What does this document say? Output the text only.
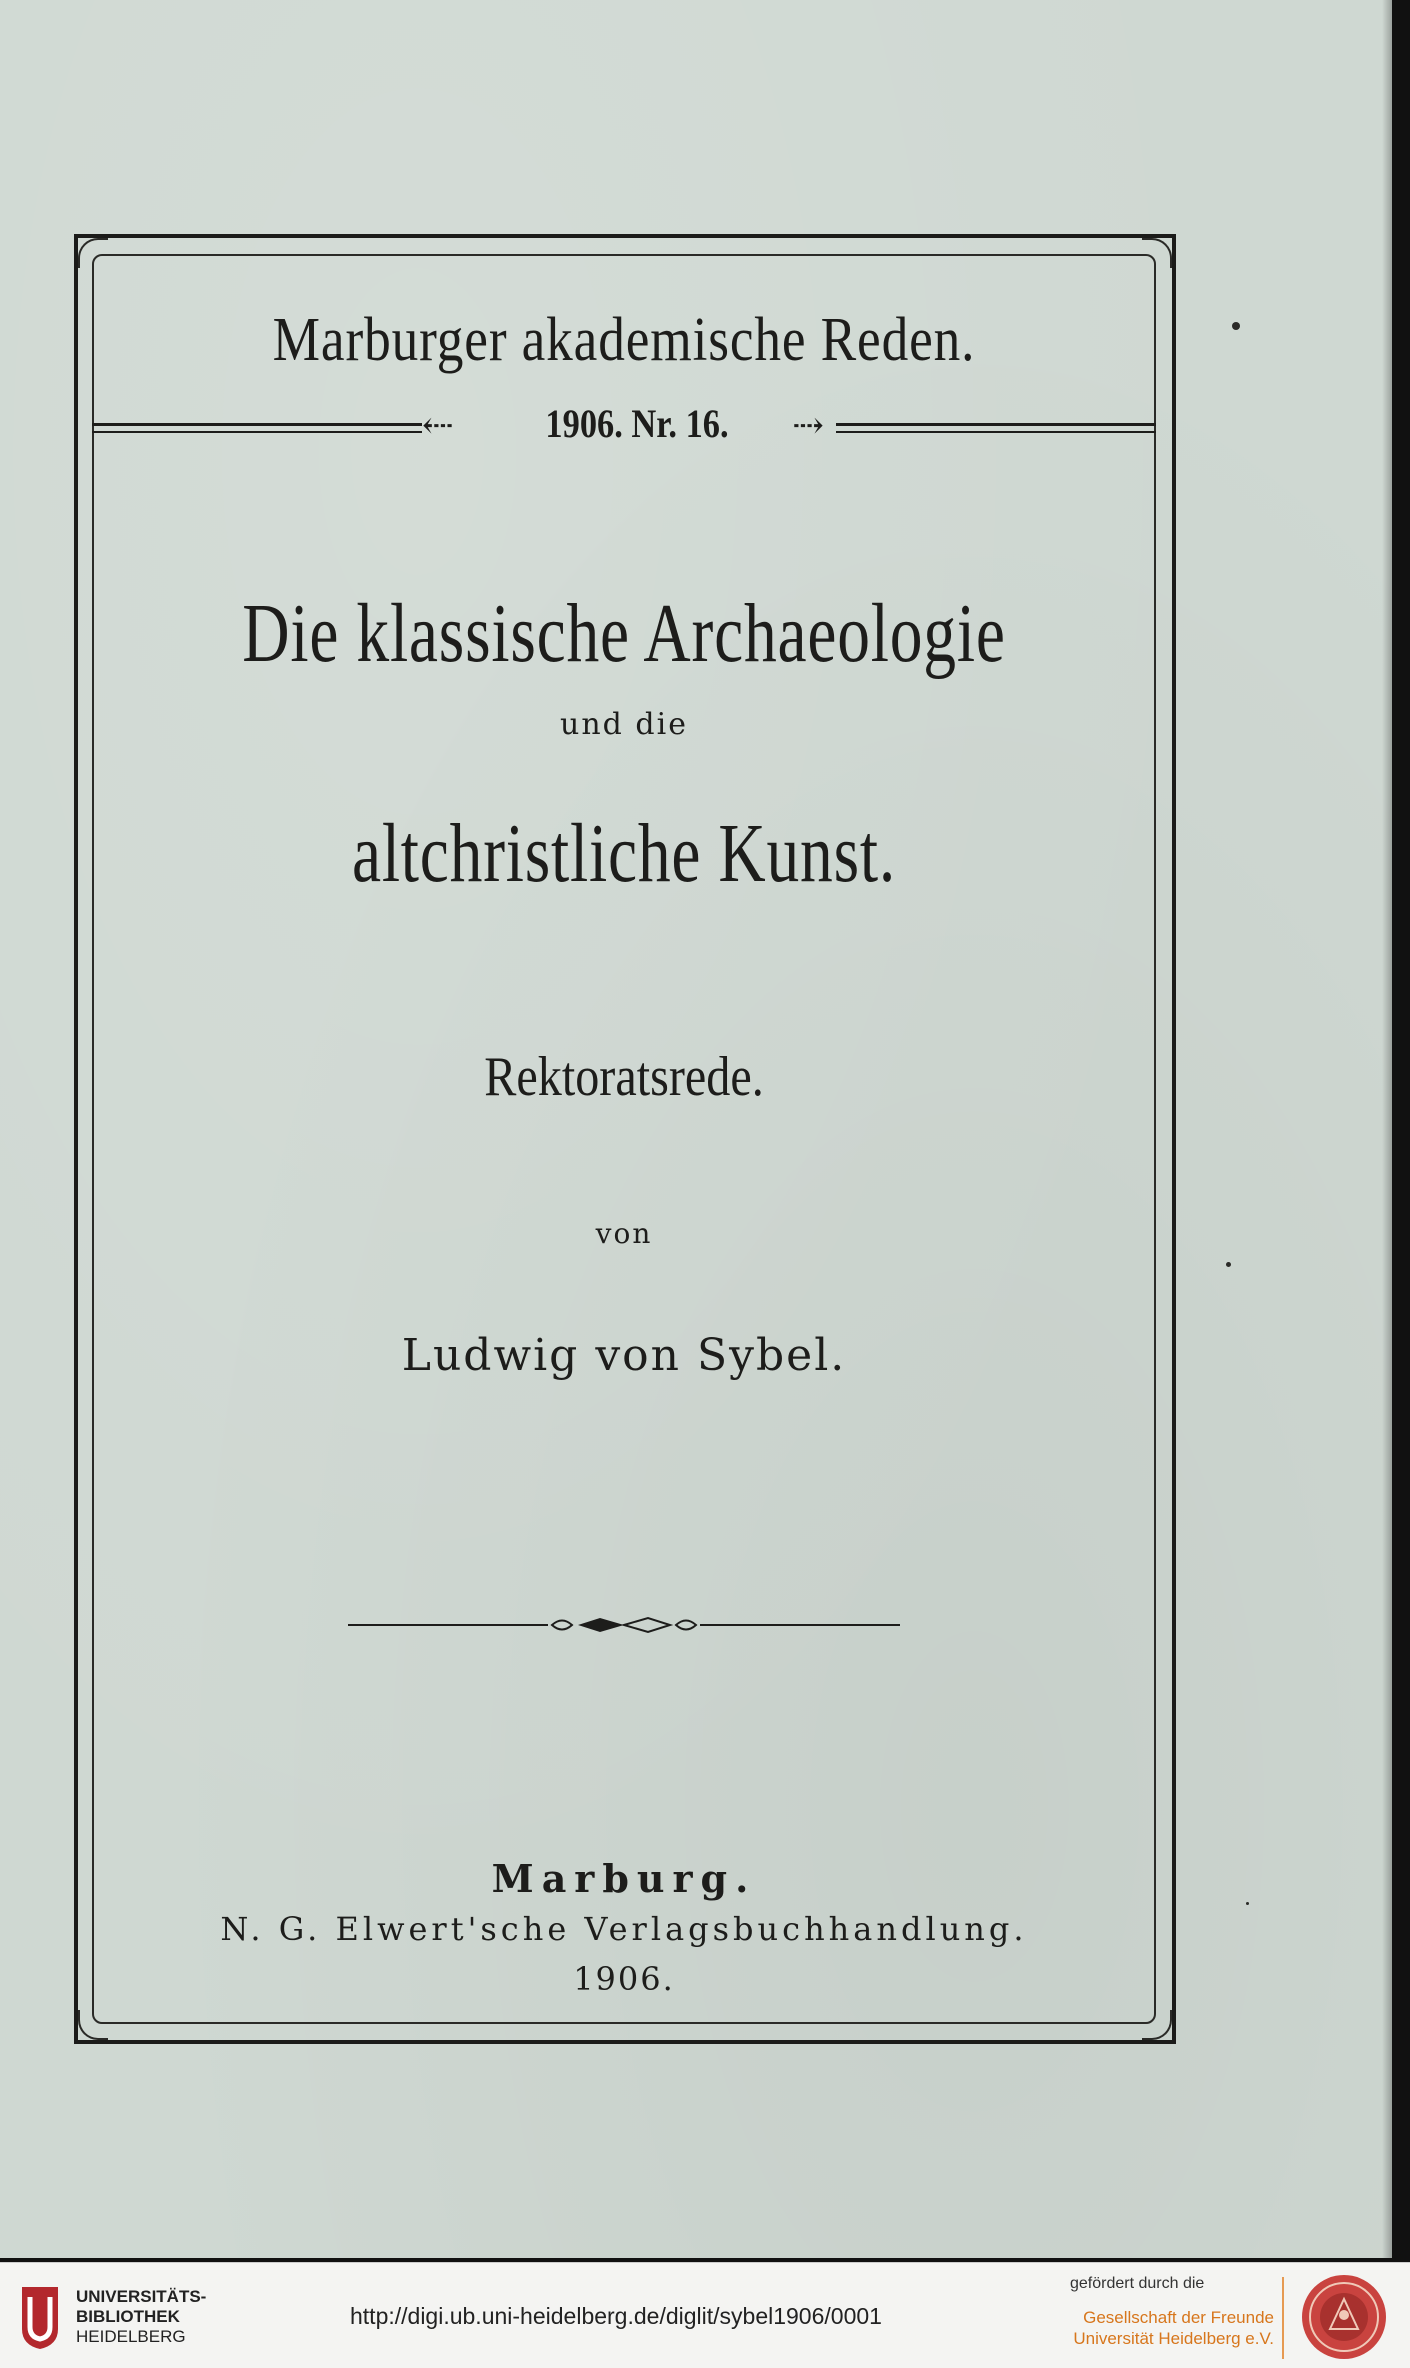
Marburger akademische Reden.
⇠	1906. Nr. 16.	⇢
Die klassische Archaeologie
und die
altchristliche Kunst.
Rektoratsrede.
von
Ludwig von Sybel.
Marburg.
N. G. Elwert'sche Verlagsbuchhandlung.
1906.
UNIVERSITÄTS-
BIBLIOTHEK
HEIDELBERG
http://digi.ub.uni-heidelberg.de/diglit/sybel1906/0001
gefördert durch die
Gesellschaft der Freunde
Universität Heidelberg e.V.
